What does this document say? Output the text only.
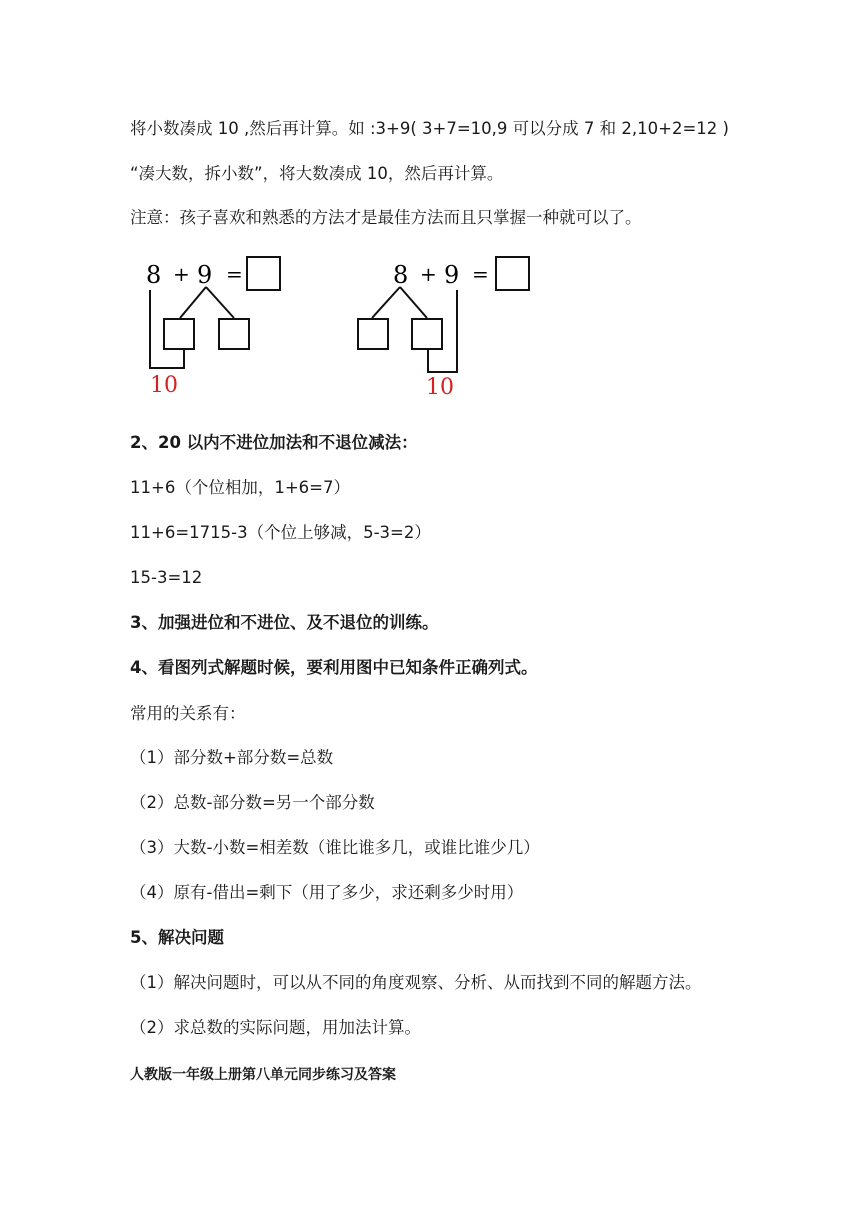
将小数凑成 10 ,然后再计算。如 :3+9( 3+7=10,9 可以分成 7 和 2,10+2=12 )
“凑大数，拆小数”，将大数凑成 10，然后再计算。
注意：孩子喜欢和熟悉的方法才是最佳方法而且只掌握一种就可以了。
8 + 9 =
10
8 + 9 =
10
2、20 以内不进位加法和不退位减法：
11+6（个位相加，1+6=7）
11+6=1715-3（个位上够减，5-3=2）
15-3=12
3、加强进位和不进位、及不退位的训练。
4、看图列式解题时候，要利用图中已知条件正确列式。
常用的关系有：
（1）部分数+部分数=总数
（2）总数-部分数=另一个部分数
（3）大数-小数=相差数（谁比谁多几，或谁比谁少几）
（4）原有-借出=剩下（用了多少，求还剩多少时用）
5、解决问题
（1）解决问题时，可以从不同的角度观察、分析、从而找到不同的解题方法。
（2）求总数的实际问题，用加法计算。
人教版一年级上册第八单元同步练习及答案
